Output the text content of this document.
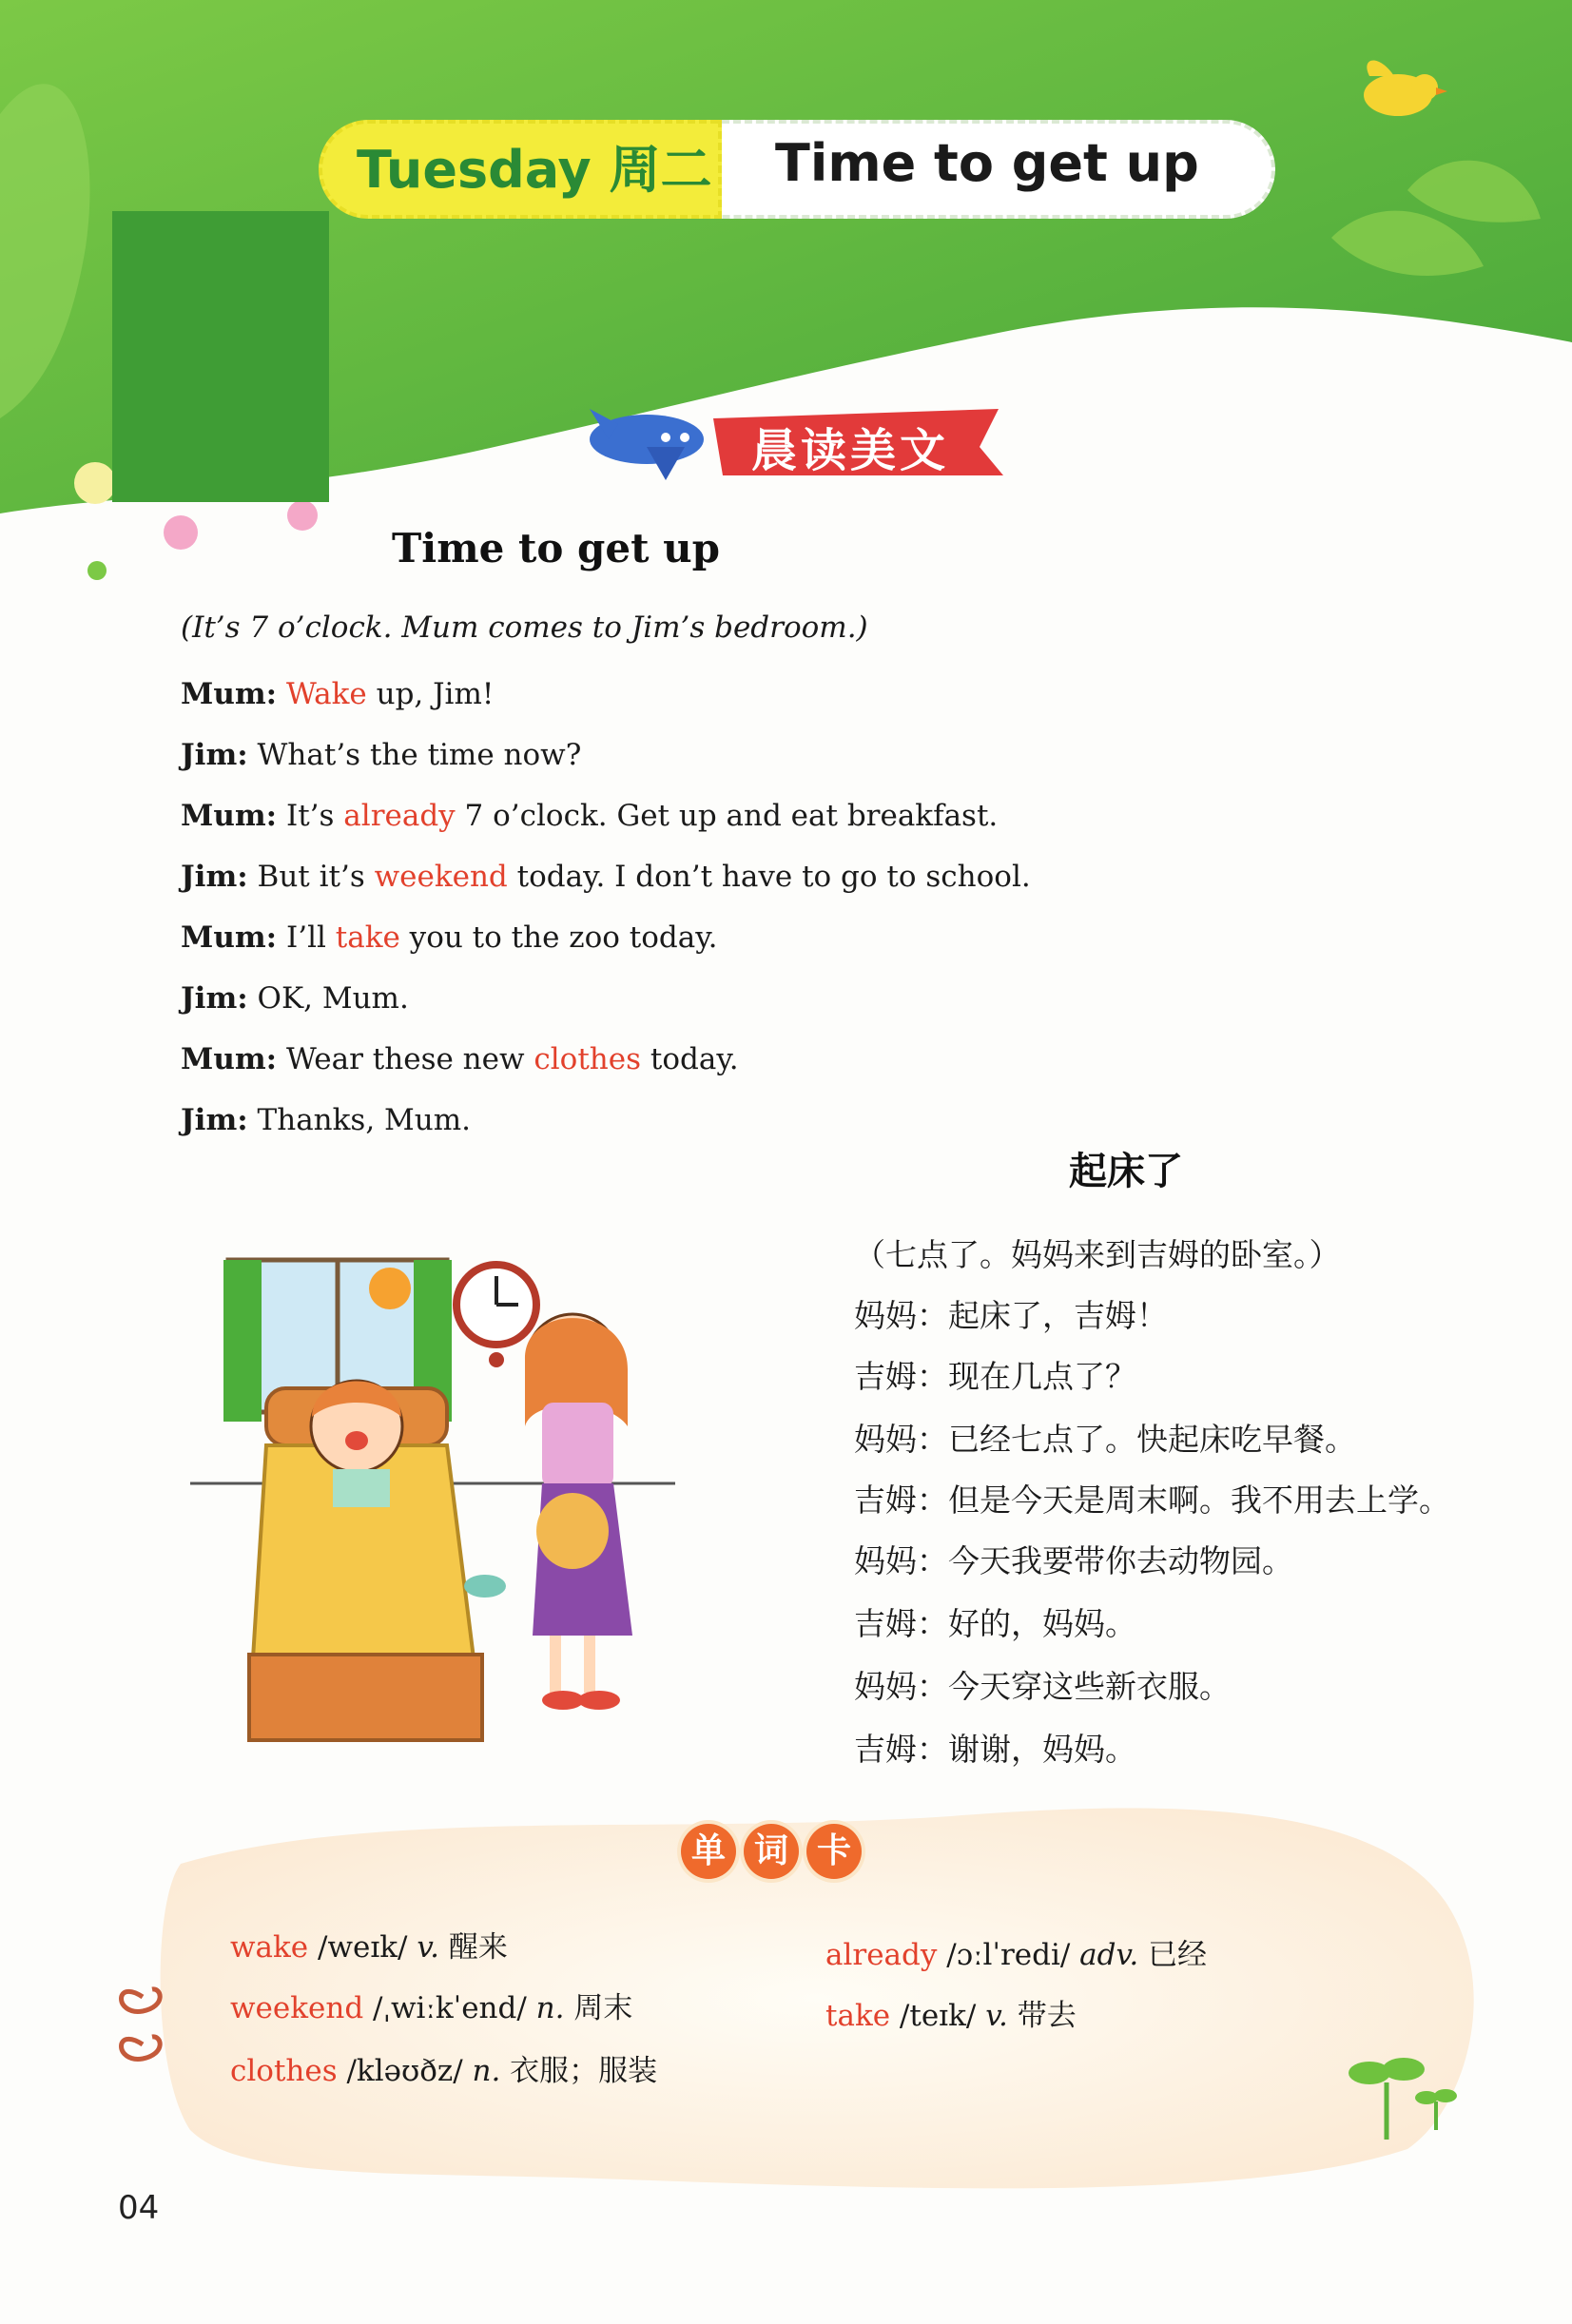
Tuesday 周二 Time to get up
晨读美文
Time to get up
(It’s 7 o’clock. Mum comes to Jim’s bedroom.)
Mum: Wake up, Jim!
Jim: What’s the time now?
Mum: It’s already 7 o’clock. Get up and eat breakfast.
Jim: But it’s weekend today. I don’t have to go to school.
Mum: I’ll take you to the zoo today.
Jim: OK, Mum.
Mum: Wear these new clothes today.
Jim: Thanks, Mum.
起床了
（七点了。妈妈来到吉姆的卧室。）
妈妈：起床了，吉姆！
吉姆：现在几点了？
妈妈：已经七点了。快起床吃早餐。
吉姆：但是今天是周末啊。我不用去上学。
妈妈：今天我要带你去动物园。
吉姆：好的，妈妈。
妈妈：今天穿这些新衣服。
吉姆：谢谢，妈妈。
单 词 卡
wake /weɪk/ v. 醒来
weekend /ˌwiːkˈend/ n. 周末
clothes /kləʊðz/ n. 衣服；服装
already /ɔːlˈredi/ adv. 已经
take /teɪk/ v. 带去
04
